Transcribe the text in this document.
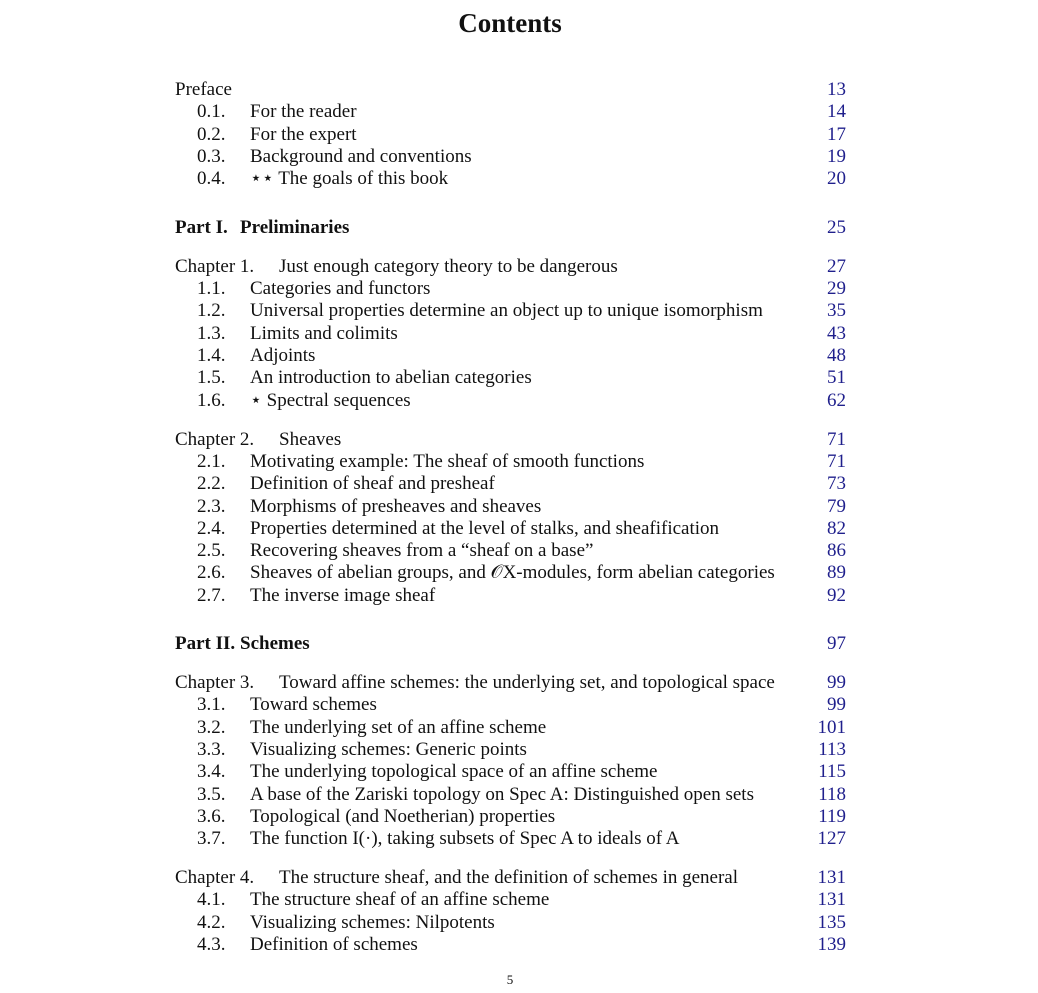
Contents
Preface	13
0.1. For the reader	14
0.2. For the expert	17
0.3. Background and conventions	19
0.4. ⋆⋆ The goals of this book	20
Part I. Preliminaries	25
Chapter 1. Just enough category theory to be dangerous	27
1.1. Categories and functors	29
1.2. Universal properties determine an object up to unique isomorphism	35
1.3. Limits and colimits	43
1.4. Adjoints	48
1.5. An introduction to abelian categories	51
1.6. ⋆ Spectral sequences	62
Chapter 2. Sheaves	71
2.1. Motivating example: The sheaf of smooth functions	71
2.2. Definition of sheaf and presheaf	73
2.3. Morphisms of presheaves and sheaves	79
2.4. Properties determined at the level of stalks, and sheafification	82
2.5. Recovering sheaves from a “sheaf on a base”	86
2.6. Sheaves of abelian groups, and 𝒪X-modules, form abelian categories	89
2.7. The inverse image sheaf	92
Part II. Schemes	97
Chapter 3. Toward affine schemes: the underlying set, and topological space	99
3.1. Toward schemes	99
3.2. The underlying set of an affine scheme	101
3.3. Visualizing schemes: Generic points	113
3.4. The underlying topological space of an affine scheme	115
3.5. A base of the Zariski topology on Spec A: Distinguished open sets	118
3.6. Topological (and Noetherian) properties	119
3.7. The function I(·), taking subsets of Spec A to ideals of A	127
Chapter 4. The structure sheaf, and the definition of schemes in general	131
4.1. The structure sheaf of an affine scheme	131
4.2. Visualizing schemes: Nilpotents	135
4.3. Definition of schemes	139
5
